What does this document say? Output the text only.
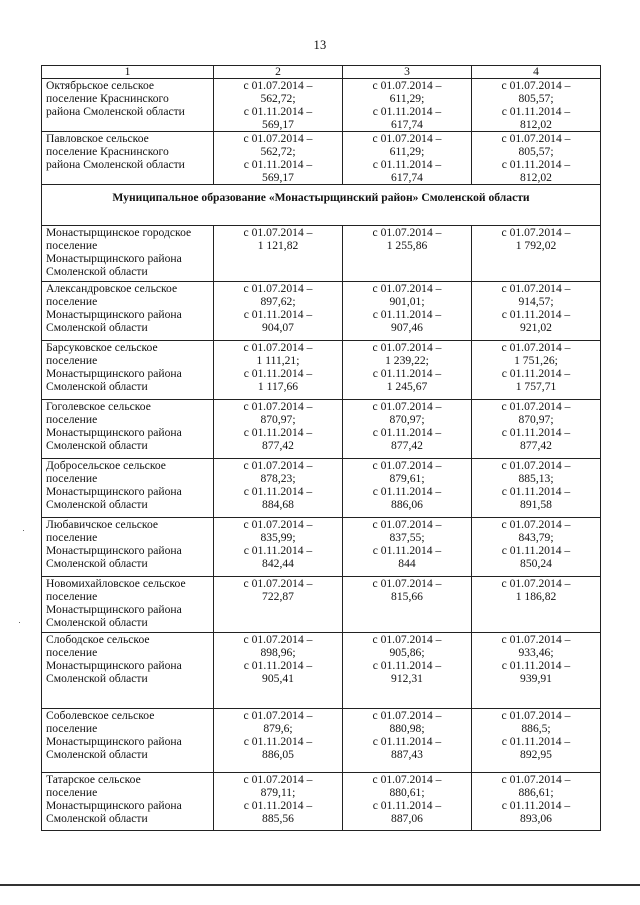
13
1	2	3	4

Октябрьское сельское
поселение Краснинского
района Смоленской области	с 01.07.2014 –
562,72;
с 01.11.2014 –
569,17	с 01.07.2014 –
611,29;
с 01.11.2014 –
617,74	с 01.07.2014 –
805,57;
с 01.11.2014 –
812,02

Павловское сельское
поселение Краснинского
района Смоленской области	с 01.07.2014 –
562,72;
с 01.11.2014 –
569,17	с 01.07.2014 –
611,29;
с 01.11.2014 –
617,74	с 01.07.2014 –
805,57;
с 01.11.2014 –
812,02

Муниципальное образование «Монастырщинский район» Смоленской области			

Монастырщинское городское
поселение
Монастырщинского района
Смоленской области	с 01.07.2014 –
1 121,82	с 01.07.2014 –
1 255,86	с 01.07.2014 –
1 792,02

Александровское сельское
поселение
Монастырщинского района
Смоленской области	с 01.07.2014 –
897,62;
с 01.11.2014 –
904,07	с 01.07.2014 –
901,01;
с 01.11.2014 –
907,46	с 01.07.2014 –
914,57;
с 01.11.2014 –
921,02

Барсуковское сельское
поселение
Монастырщинского района
Смоленской области	с 01.07.2014 –
1 111,21;
с 01.11.2014 –
1 117,66	с 01.07.2014 –
1 239,22;
с 01.11.2014 –
1 245,67	с 01.07.2014 –
1 751,26;
с 01.11.2014 –
1 757,71

Гоголевское сельское
поселение
Монастырщинского района
Смоленской области	с 01.07.2014 –
870,97;
с 01.11.2014 –
877,42	с 01.07.2014 –
870,97;
с 01.11.2014 –
877,42	с 01.07.2014 –
870,97;
с 01.11.2014 –
877,42

Добросельское сельское
поселение
Монастырщинского района
Смоленской области	с 01.07.2014 –
878,23;
с 01.11.2014 –
884,68	с 01.07.2014 –
879,61;
с 01.11.2014 –
886,06	с 01.07.2014 –
885,13;
с 01.11.2014 –
891,58

Любавичское сельское
поселение
Монастырщинского района
Смоленской области	с 01.07.2014 –
835,99;
с 01.11.2014 –
842,44	с 01.07.2014 –
837,55;
с 01.11.2014 –
844	с 01.07.2014 –
843,79;
с 01.11.2014 –
850,24

Новомихайловское сельское
поселение
Монастырщинского района
Смоленской области	с 01.07.2014 –
722,87	с 01.07.2014 –
815,66	с 01.07.2014 –
1 186,82

Слободское сельское
поселение
Монастырщинского района
Смоленской области	с 01.07.2014 –
898,96;
с 01.11.2014 –
905,41	с 01.07.2014 –
905,86;
с 01.11.2014 –
912,31	с 01.07.2014 –
933,46;
с 01.11.2014 –
939,91

Соболевское сельское
поселение
Монастырщинского района
Смоленской области	с 01.07.2014 –
879,6;
с 01.11.2014 –
886,05	с 01.07.2014 –
880,98;
с 01.11.2014 –
887,43	с 01.07.2014 –
886,5;
с 01.11.2014 –
892,95

Татарское сельское
поселение
Монастырщинского района
Смоленской области	с 01.07.2014 –
879,11;
с 01.11.2014 –
885,56	с 01.07.2014 –
880,61;
с 01.11.2014 –
887,06	с 01.07.2014 –
886,61;
с 01.11.2014 –
893,06
